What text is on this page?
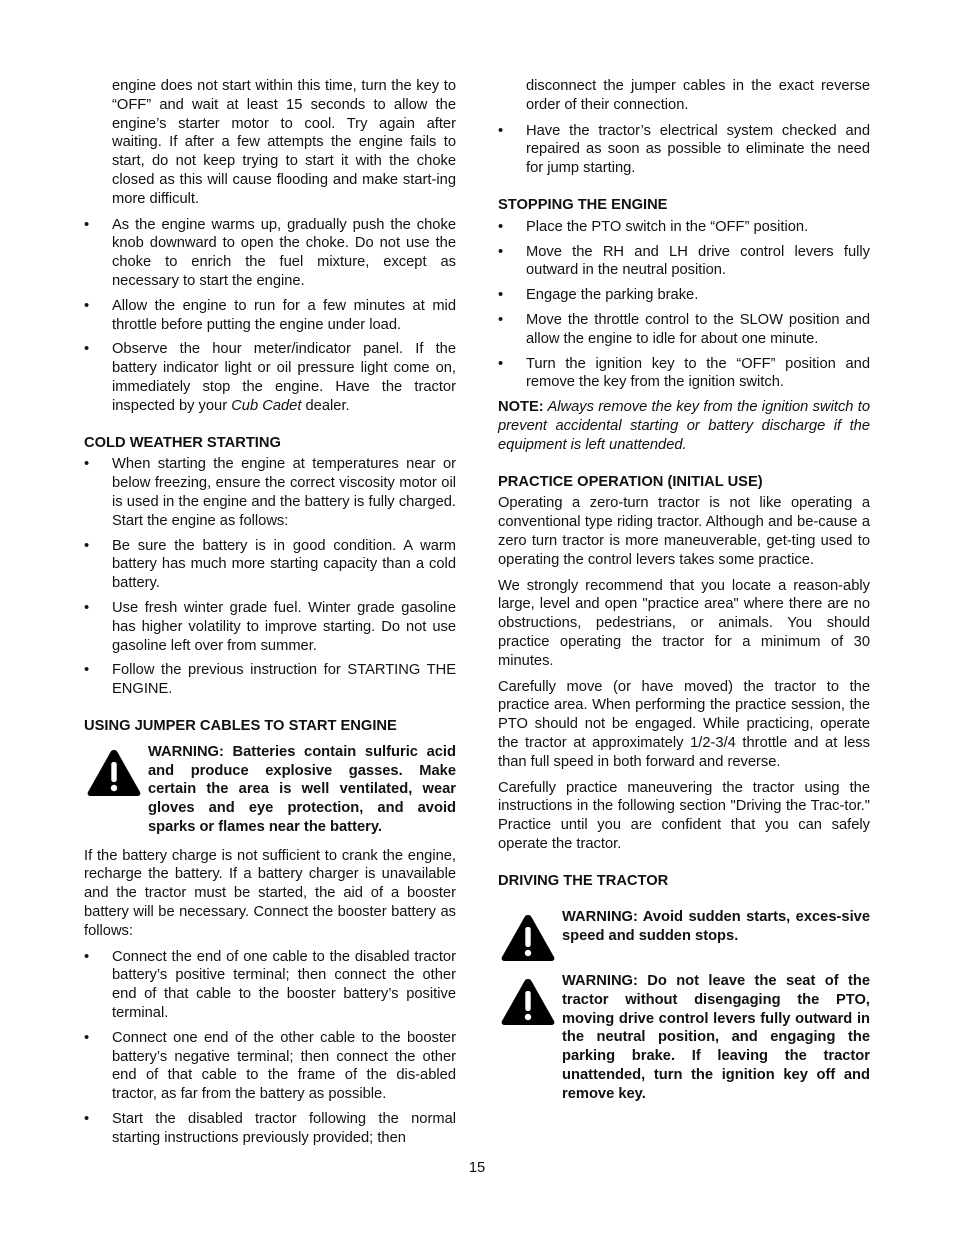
engine does not start within this time, turn the key to “OFF” and wait at least 15 seconds to allow the engine’s starter motor to cool. Try again after waiting. If after a few attempts the engine fails to start, do not keep trying to start it with the choke closed as this will cause flooding and make start-ing more difficult.

• As the engine warms up, gradually push the choke knob downward to open the choke. Do not use the choke to enrich the fuel mixture, except as necessary to start the engine.
• Allow the engine to run for a few minutes at mid throttle before putting the engine under load.
• Observe the hour meter/indicator panel. If the battery indicator light or oil pressure light come on, immediately stop the engine. Have the tractor inspected by your Cub Cadet dealer.
COLD WEATHER STARTING
• When starting the engine at temperatures near or below freezing, ensure the correct viscosity motor oil is used in the engine and the battery is fully charged. Start the engine as follows:
• Be sure the battery is in good condition. A warm battery has much more starting capacity than a cold battery.
• Use fresh winter grade fuel. Winter grade gasoline has higher volatility to improve starting. Do not use gasoline left over from summer.
• Follow the previous instruction for STARTING THE ENGINE.
USING JUMPER CABLES TO START ENGINE
WARNING: Batteries contain sulfuric acid and produce explosive gasses. Make certain the area is well ventilated, wear gloves and eye protection, and avoid sparks or flames near the battery.

If the battery charge is not sufficient to crank the engine, recharge the battery. If a battery charger is unavailable and the tractor must be started, the aid of a booster battery will be necessary. Connect the booster battery as follows:

• Connect the end of one cable to the disabled tractor battery’s positive terminal; then connect the other end of that cable to the booster battery’s positive terminal.
• Connect one end of the other cable to the booster battery’s negative terminal; then connect the other end of that cable to the frame of the dis-abled tractor, as far from the battery as possible.
• Start the disabled tractor following the normal starting instructions previously provided; then

disconnect the jumper cables in the exact reverse order of their connection.

• Have the tractor’s electrical system checked and repaired as soon as possible to eliminate the need for jump starting.
STOPPING THE ENGINE
• Place the PTO switch in the “OFF” position.
• Move the RH and LH drive control levers fully outward in the neutral position.
• Engage the parking brake.
• Move the throttle control to the SLOW position and allow the engine to idle for about one minute.
• Turn the ignition key to the “OFF” position and remove the key from the ignition switch.

NOTE: Always remove the key from the ignition switch to prevent accidental starting or battery discharge if the equipment is left unattended.

PRACTICE OPERATION (INITIAL USE)

Operating a zero-turn tractor is not like operating a conventional type riding tractor. Although and be-cause a zero turn tractor is more maneuverable, get-ting used to operating the control levers takes some practice.

We strongly recommend that you locate a reason-ably large, level and open "practice area" where there are no obstructions, pedestrians, or animals. You should practice operating the tractor for a minimum of 30 minutes.

Carefully move (or have moved) the tractor to the practice area. When performing the practice session, the PTO should not be engaged. While practicing, operate the tractor at approximately 1/2-3/4 throttle and at less than full speed in both forward and reverse.

Carefully practice maneuvering the tractor using the instructions in the following section "Driving the Trac-tor." Practice until you are confident that you can safely operate the tractor.

DRIVING THE TRACTOR
WARNING: Avoid sudden starts, exces-sive speed and sudden stops.
WARNING: Do not leave the seat of the tractor without disengaging the PTO, moving drive control levers fully outward in the neutral position, and engaging the parking brake. If leaving the tractor unattended, turn the ignition key off and remove key.
15
